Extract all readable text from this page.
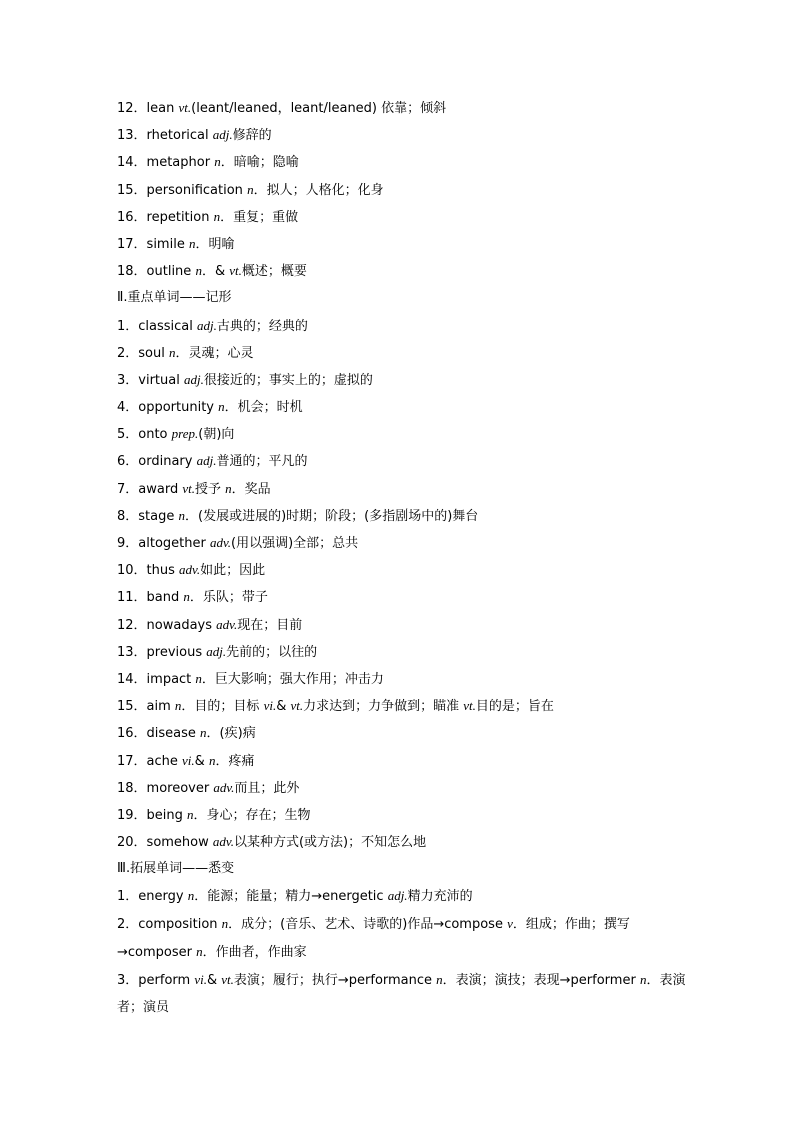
12．lean vt.(leant/leaned，leant/leaned) 依靠；倾斜
13．rhetorical adj.修辞的
14．metaphor n．暗喻；隐喻
15．personification n．拟人；人格化；化身
16．repetition n．重复；重做
17．simile n．明喻
18．outline n．& vt.概述；概要
Ⅱ.重点单词——记形
1．classical adj.古典的；经典的
2．soul n．灵魂；心灵
3．virtual adj.很接近的；事实上的；虚拟的
4．opportunity n．机会；时机
5．onto prep.(朝)向
6．ordinary adj.普通的；平凡的
7．award vt.授予 n．奖品
8．stage n．(发展或进展的)时期；阶段；(多指剧场中的)舞台
9．altogether adv.(用以强调)全部；总共
10．thus adv.如此；因此
11．band n．乐队；带子
12．nowadays adv.现在；目前
13．previous adj.先前的；以往的
14．impact n．巨大影响；强大作用；冲击力
15．aim n．目的；目标 vi.& vt.力求达到；力争做到；瞄准 vt.目的是；旨在
16．disease n．(疾)病
17．ache vi.& n．疼痛
18．moreover adv.而且；此外
19．being n．身心；存在；生物
20．somehow adv.以某种方式(或方法)；不知怎么地
Ⅲ.拓展单词——悉变
1．energy n．能源；能量；精力→energetic adj.精力充沛的
2．composition n．成分；(音乐、艺术、诗歌的)作品→compose v．组成；作曲；撰写→composer n．作曲者，作曲家
3．perform vi.& vt.表演；履行；执行→performance n．表演；演技；表现→performer n．表演者；演员
